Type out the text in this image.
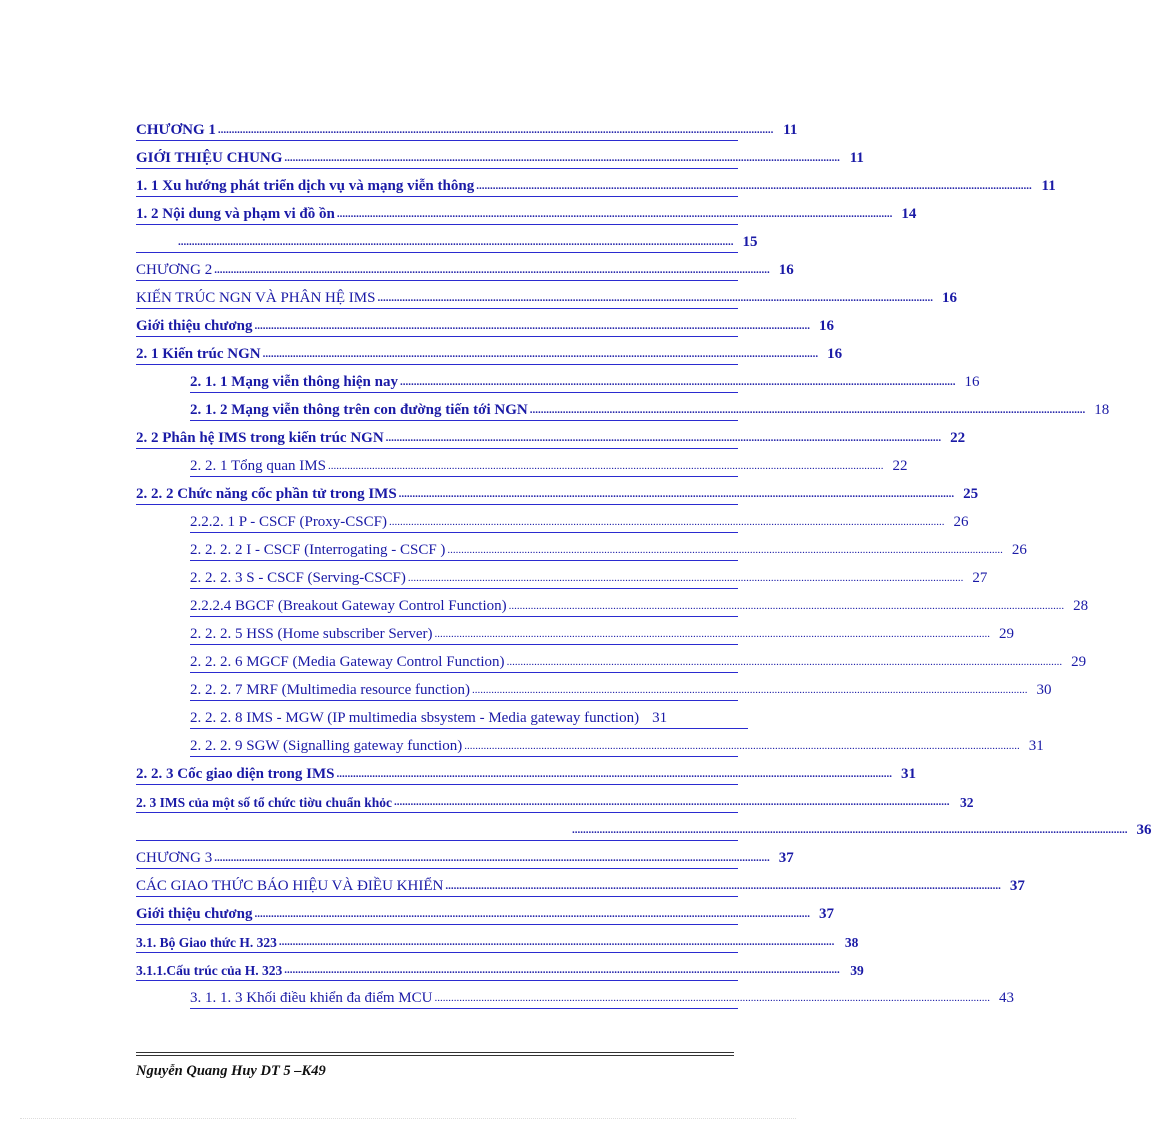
CHƯƠNG 1 .......................................................................................................................................................................................................... 11
GIỚI THIỆU CHUNG .......................................................................................................................................................................................................... 11
1. 1 Xu hướng phát triển dịch vụ và mạng viễn thông .......................................................................................................................................................................................................... 11
1. 2 Nội dung và phạm vi đồ ồn .......................................................................................................................................................................................................... 14
.......................................................................................................................................................................................................... 15
CHƯƠNG 2 .......................................................................................................................................................................................................... 16
KIẾN TRÚC NGN VÀ PHÂN HỆ IMS .......................................................................................................................................................................................................... 16
Giới thiệu chương .......................................................................................................................................................................................................... 16
2. 1 Kiến trúc NGN .......................................................................................................................................................................................................... 16
2. 1. 1 Mạng viễn thông hiện nay .......................................................................................................................................................................................................... 16
2. 1. 2 Mạng viễn thông trên con đường tiến tới NGN .......................................................................................................................................................................................................... 18
2. 2 Phân hệ IMS trong kiến trúc NGN .......................................................................................................................................................................................................... 22
2. 2. 1 Tổng quan IMS .......................................................................................................................................................................................................... 22
2. 2. 2 Chức năng cốc phần tử trong IMS .......................................................................................................................................................................................................... 25
2.2.2. 1 P - CSCF (Proxy-CSCF) .......................................................................................................................................................................................................... 26
2. 2. 2. 2 I - CSCF (Interrogating - CSCF ) .......................................................................................................................................................................................................... 26
2. 2. 2. 3 S - CSCF (Serving-CSCF) .......................................................................................................................................................................................................... 27
2.2.2.4 BGCF (Breakout Gateway Control Function) .......................................................................................................................................................................................................... 28
2. 2. 2. 5 HSS (Home subscriber Server) .......................................................................................................................................................................................................... 29
2. 2. 2. 6 MGCF (Media Gateway Control Function) .......................................................................................................................................................................................................... 29
2. 2. 2. 7 MRF (Multimedia resource function) .......................................................................................................................................................................................................... 30
2. 2. 2. 8 IMS - MGW (IP multimedia sbsystem - Media gateway function) 31
2. 2. 2. 9 SGW (Signalling gateway function) .......................................................................................................................................................................................................... 31
2. 2. 3 Cốc giao diện trong IMS .......................................................................................................................................................................................................... 31
2. 3 IMS của một số tổ chức tiờu chuẩn khỏc .......................................................................................................................................................................................................... 32
.......................................................................................................................................................................................................... 36
CHƯƠNG 3 .......................................................................................................................................................................................................... 37
CÁC GIAO THỨC BÁO HIỆU VÀ ĐIỀU KHIỂN .......................................................................................................................................................................................................... 37
Giới thiệu chương .......................................................................................................................................................................................................... 37
3.1. Bộ Giao thức H. 323 .......................................................................................................................................................................................................... 38
3.1.1.Cấu trúc của H. 323 .......................................................................................................................................................................................................... 39
3. 1. 1. 3 Khối điều khiển đa điểm MCU .......................................................................................................................................................................................................... 43
Nguyễn Quang Huy DT 5 –K49
